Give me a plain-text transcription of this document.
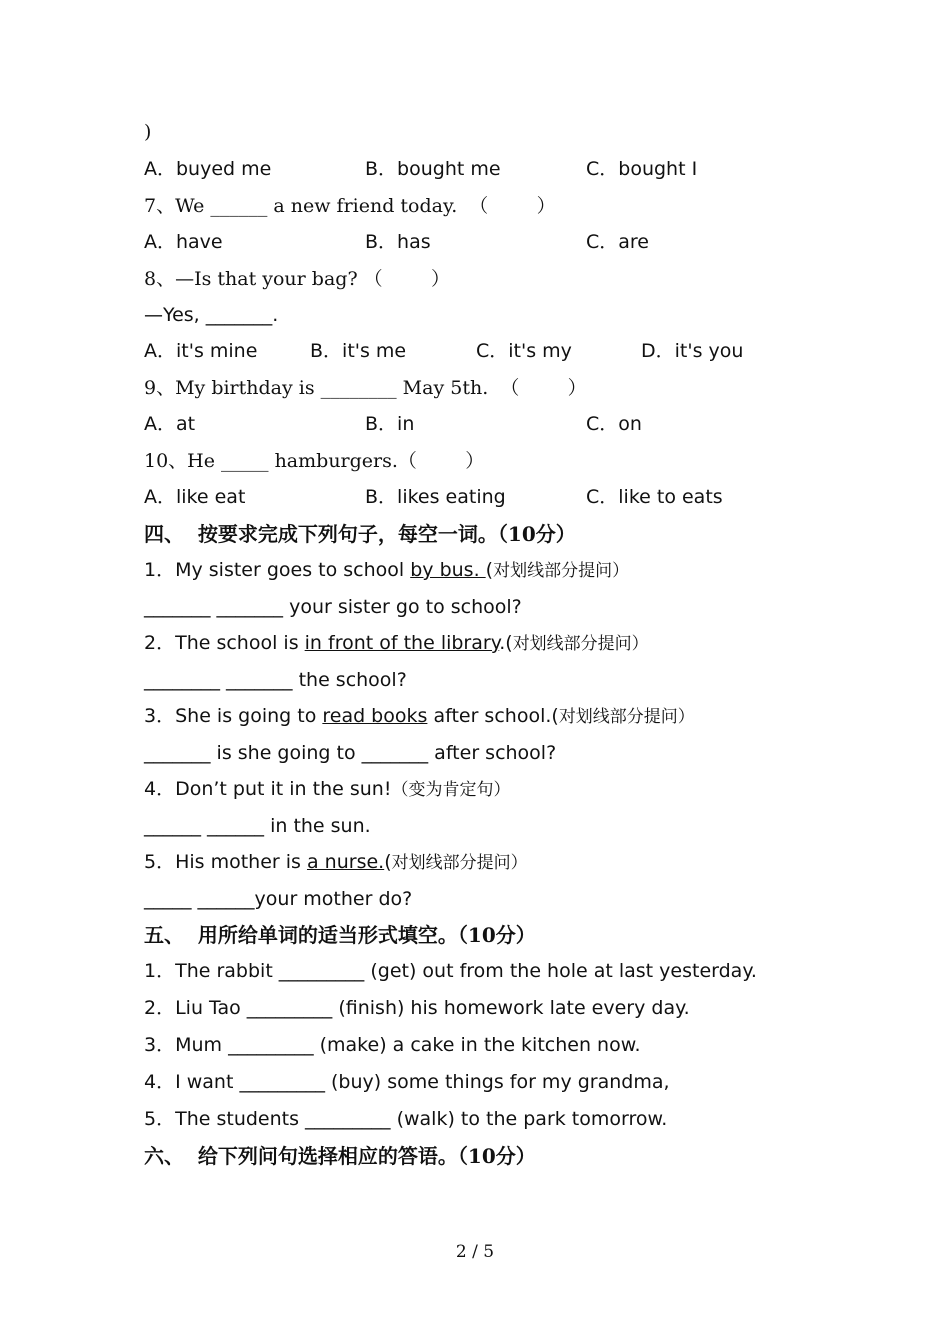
)
A．buyed me	B．bought me	C．bought I
7、We ______ a new friend today.  （        ）
A．have	B．has	C．are
8、—Is that your bag? （        ）
—Yes, _______.
A．it's mine	B．it's me	C．it's my	D．it's you
9、My birthday is ________ May 5th.  （        ）
A．at	B．in	C．on
10、He _____ hamburgers.（        ）
A．like eat	B．likes eating	C．like to eats
四、  按要求完成下列句子，每空一词。（10分）
1．My sister goes to school by bus. (对划线部分提问）
_______ _______ your sister go to school?
2．The school is in front of the library.(对划线部分提问）
________ _______ the school?
3．She is going to read books after school.(对划线部分提问）
_______ is she going to _______ after school?
4．Don’t put it in the sun!（变为肯定句）
______ ______ in the sun.
5．His mother is a nurse.(对划线部分提问）
_____ ______your mother do?
五、  用所给单词的适当形式填空。（10分）
1．The rabbit _________ (get) out from the hole at last yesterday.
2．Liu Tao _________ (finish) his homework late every day.
3．Mum _________ (make) a cake in the kitchen now.
4．I want _________ (buy) some things for my grandma,
5．The students _________ (walk) to the park tomorrow.
六、  给下列问句选择相应的答语。（10分）
2 / 5
